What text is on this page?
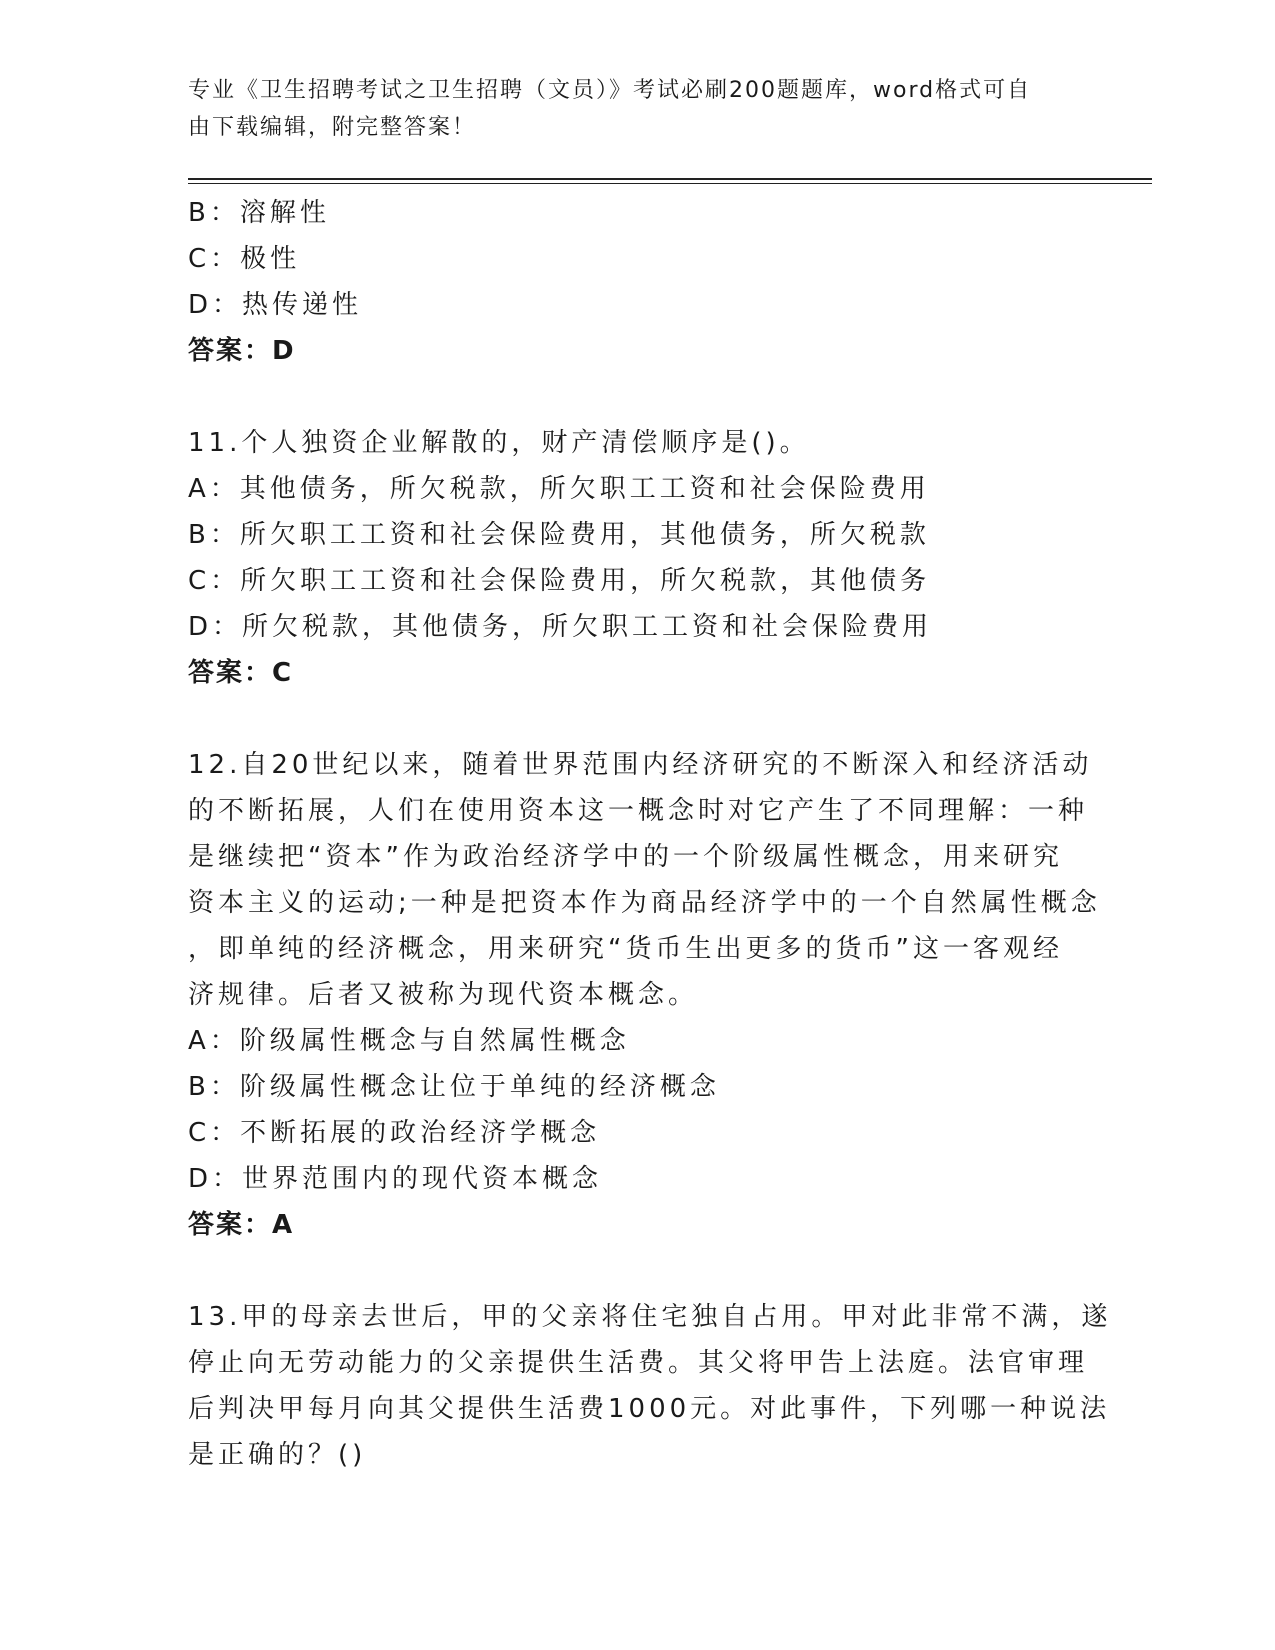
专业《卫生招聘考试之卫生招聘（文员）》考试必刷200题题库，word格式可自
由下载编辑，附完整答案！

B：溶解性

C：极性

D：热传递性

答案：D

11.个人独资企业解散的，财产清偿顺序是()。

A：其他债务，所欠税款，所欠职工工资和社会保险费用

B：所欠职工工资和社会保险费用，其他债务，所欠税款

C：所欠职工工资和社会保险费用，所欠税款，其他债务

D：所欠税款，其他债务，所欠职工工资和社会保险费用

答案：C

12.自20世纪以来，随着世界范围内经济研究的不断深入和经济活动

的不断拓展，人们在使用资本这一概念时对它产生了不同理解：一种

是继续把“资本”作为政治经济学中的一个阶级属性概念，用来研究

资本主义的运动;一种是把资本作为商品经济学中的一个自然属性概念

，即单纯的经济概念，用来研究“货币生出更多的货币”这一客观经

济规律。后者又被称为现代资本概念。

A：阶级属性概念与自然属性概念

B：阶级属性概念让位于单纯的经济概念

C：不断拓展的政治经济学概念

D：世界范围内的现代资本概念

答案：A

13.甲的母亲去世后，甲的父亲将住宅独自占用。甲对此非常不满，遂

停止向无劳动能力的父亲提供生活费。其父将甲告上法庭。法官审理

后判决甲每月向其父提供生活费1000元。对此事件，下列哪一种说法

是正确的？()
